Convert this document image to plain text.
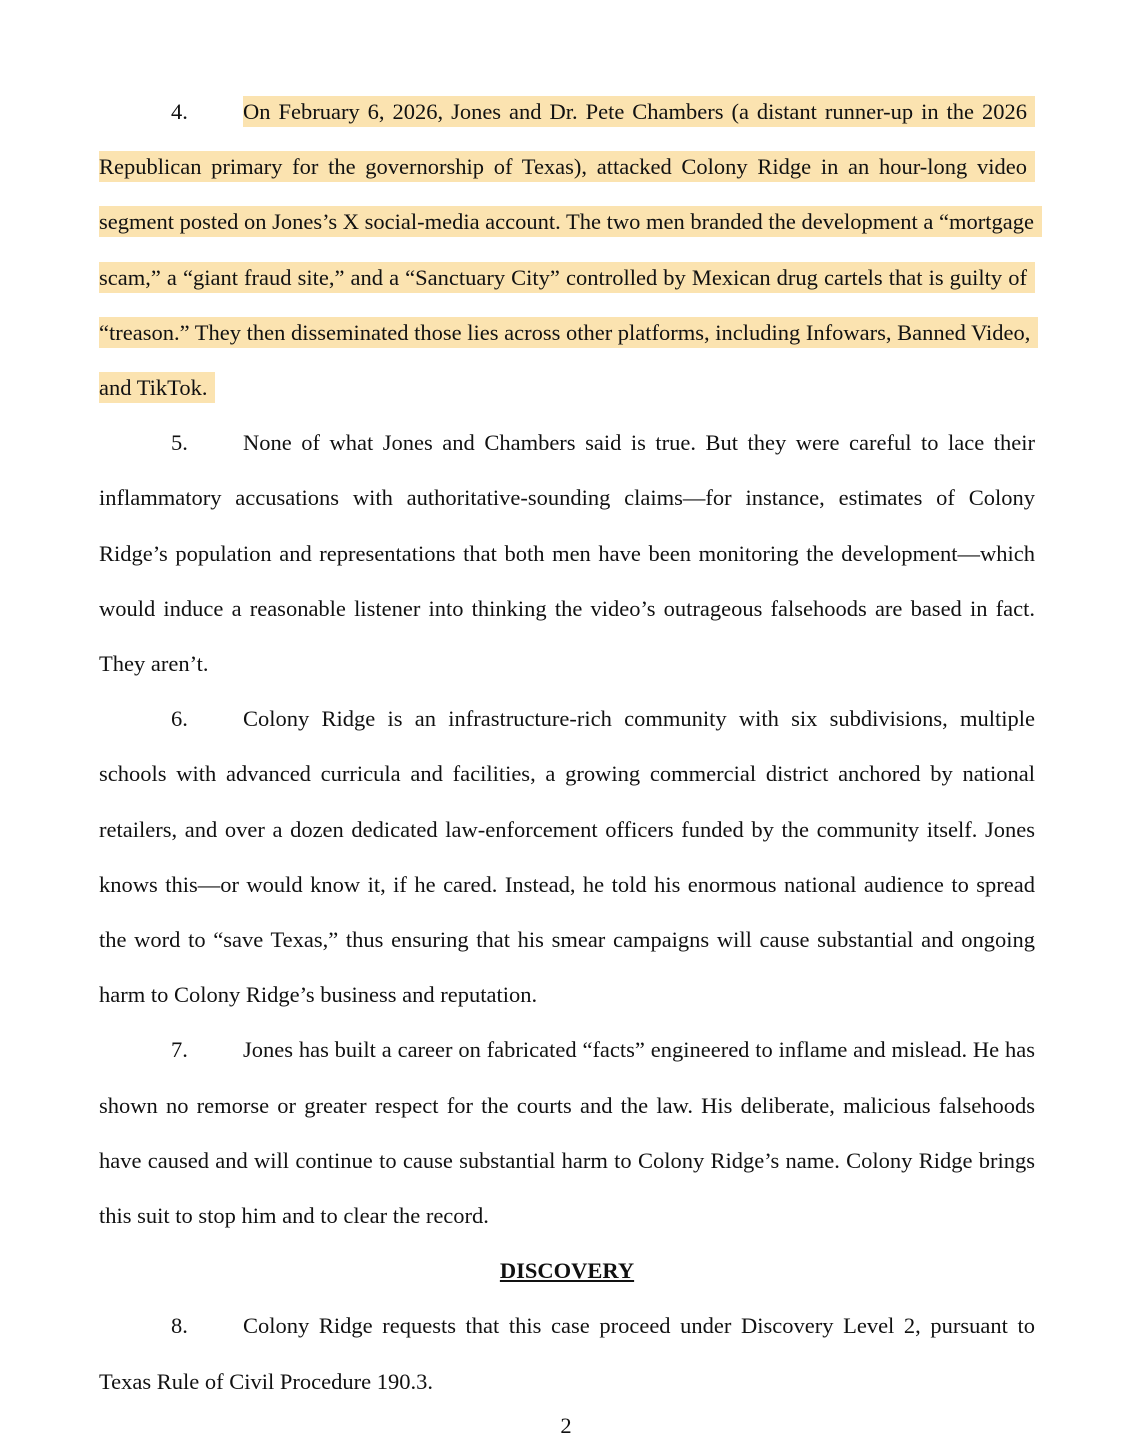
4. On February 6, 2026, Jones and Dr. Pete Chambers (a distant runner-up in the 2026 Republican primary for the governorship of Texas), attacked Colony Ridge in an hour-long video segment posted on Jones’s X social-media account. The two men branded the development a “mortgage scam,” a “giant fraud site,” and a “Sanctuary City” controlled by Mexican drug cartels that is guilty of “treason.” They then disseminated those lies across other platforms, including Infowars, Banned Video, and TikTok.

5. None of what Jones and Chambers said is true. But they were careful to lace their inflammatory accusations with authoritative-sounding claims—for instance, estimates of Colony Ridge’s population and representations that both men have been monitoring the development—which would induce a reasonable listener into thinking the video’s outrageous falsehoods are based in fact. They aren’t.

6. Colony Ridge is an infrastructure-rich community with six subdivisions, multiple schools with advanced curricula and facilities, a growing commercial district anchored by national retailers, and over a dozen dedicated law-enforcement officers funded by the community itself. Jones knows this—or would know it, if he cared. Instead, he told his enormous national audience to spread the word to “save Texas,” thus ensuring that his smear campaigns will cause substantial and ongoing harm to Colony Ridge’s business and reputation.

7. Jones has built a career on fabricated “facts” engineered to inflame and mislead. He has shown no remorse or greater respect for the courts and the law. His deliberate, malicious falsehoods have caused and will continue to cause substantial harm to Colony Ridge’s name. Colony Ridge brings this suit to stop him and to clear the record.

DISCOVERY

8. Colony Ridge requests that this case proceed under Discovery Level 2, pursuant to Texas Rule of Civil Procedure 190.3.

2
